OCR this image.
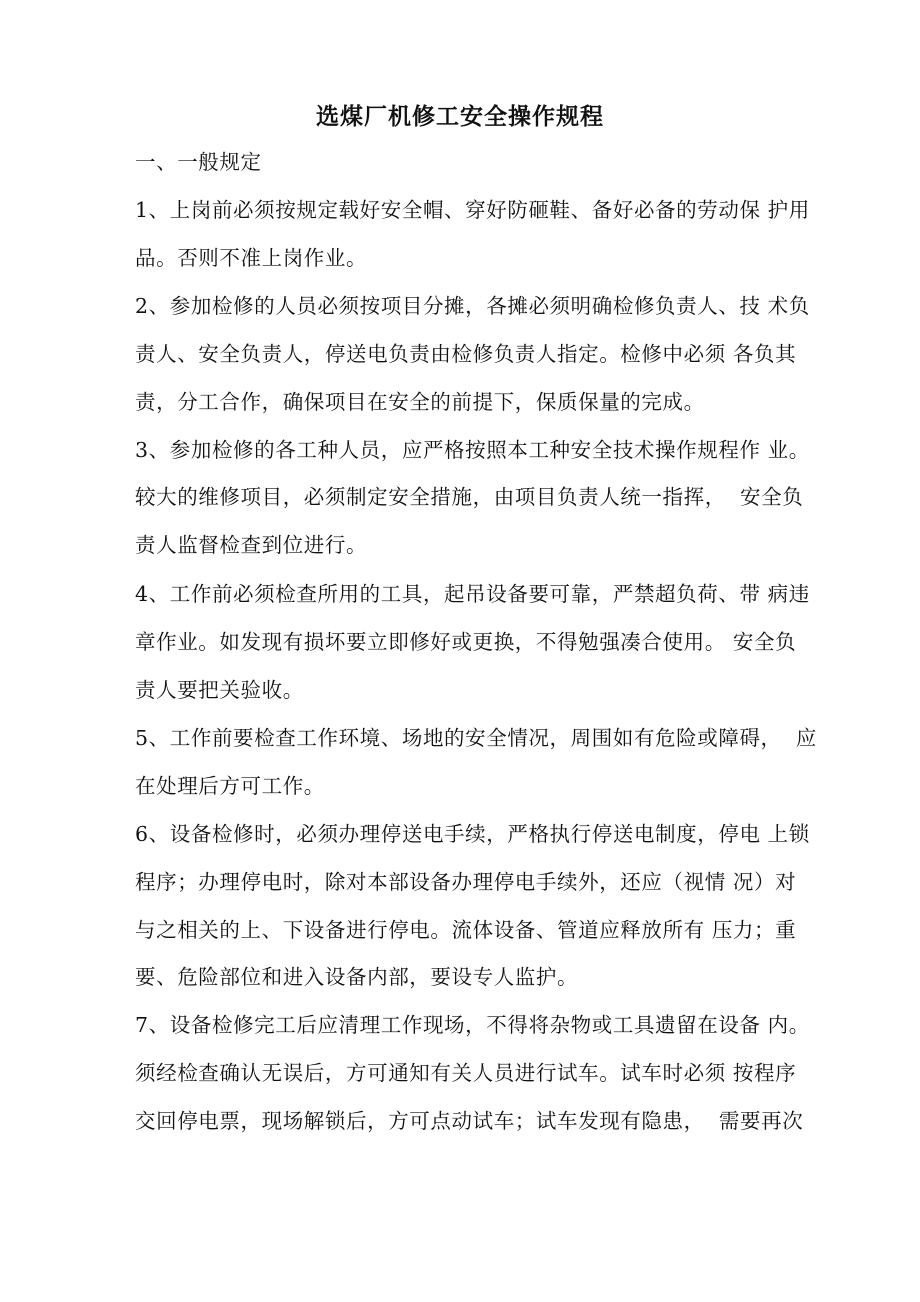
选煤厂机修工安全操作规程
一、一般规定
1、上岗前必须按规定载好安全帽、穿好防砸鞋、备好必备的劳动保 护用
品。否则不准上岗作业。
2、参加检修的人员必须按项目分摊，各摊必须明确检修负责人、技 术负
责人、安全负责人，停送电负责由检修负责人指定。检修中必须 各负其
责，分工合作，确保项目在安全的前提下，保质保量的完成。
3、参加检修的各工种人员，应严格按照本工种安全技术操作规程作 业。
较大的维修项目，必须制定安全措施，由项目负责人统一指挥，  安全负
责人监督检查到位进行。
4、工作前必须检查所用的工具，起吊设备要可靠，严禁超负荷、带 病违
章作业。如发现有损坏要立即修好或更换，不得勉强凑合使用。 安全负
责人要把关验收。
5、工作前要检查工作环境、场地的安全情况，周围如有危险或障碍，  应
在处理后方可工作。
6、设备检修时，必须办理停送电手续，严格执行停送电制度，停电 上锁
程序；办理停电时，除对本部设备办理停电手续外，还应（视情 况）对
与之相关的上、下设备进行停电。流体设备、管道应释放所有 压力；重
要、危险部位和进入设备内部，要设专人监护。
7、设备检修完工后应清理工作现场，不得将杂物或工具遗留在设备 内。
须经检查确认无误后，方可通知有关人员进行试车。试车时必须 按程序
交回停电票，现场解锁后，方可点动试车；试车发现有隐患，  需要再次
